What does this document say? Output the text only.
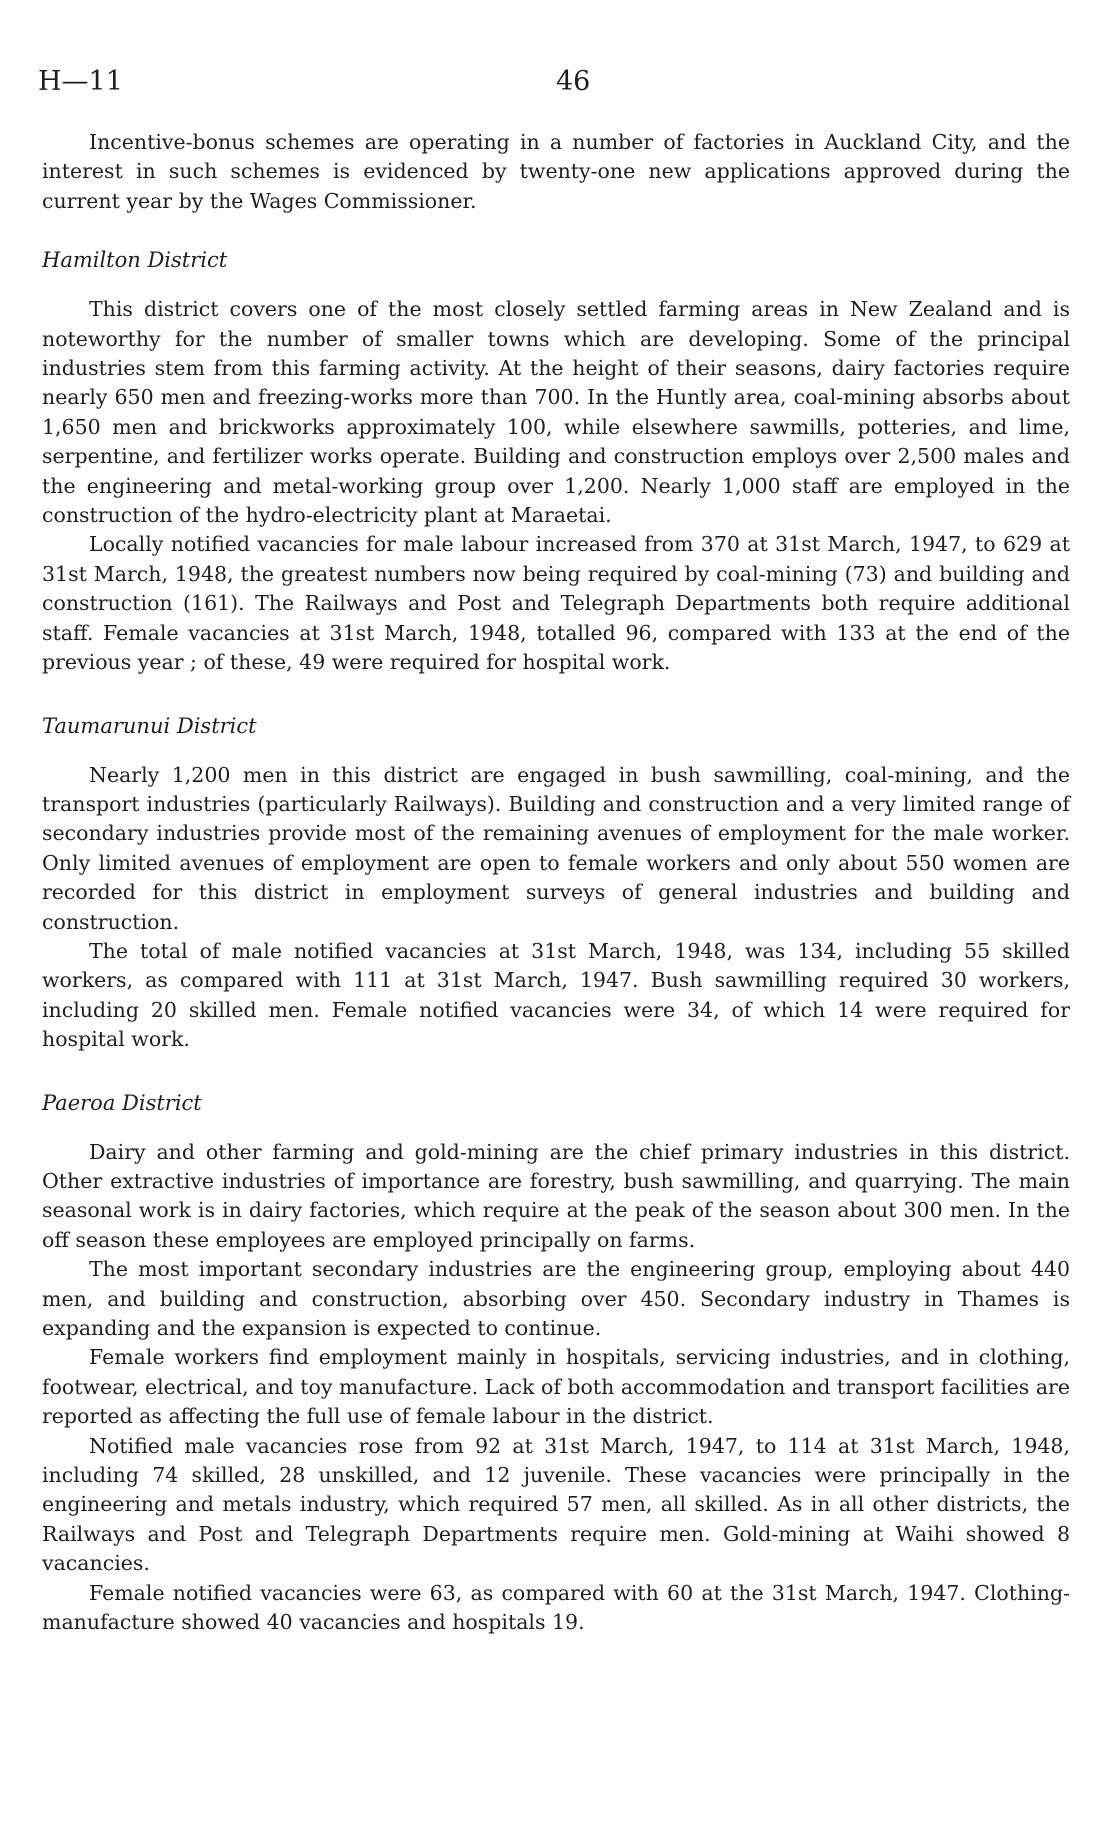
H—11	46

Incentive-bonus schemes are operating in a number of factories in Auckland City, and the interest in such schemes is evidenced by twenty-one new applications approved during the current year by the Wages Commissioner.

Hamilton District

This district covers one of the most closely settled farming areas in New Zealand and is noteworthy for the number of smaller towns which are developing. Some of the principal industries stem from this farming activity. At the height of their seasons, dairy factories require nearly 650 men and freezing-works more than 700. In the Huntly area, coal-mining absorbs about 1,650 men and brickworks approximately 100, while elsewhere sawmills, potteries, and lime, serpentine, and fertilizer works operate. Building and construction employs over 2,500 males and the engineering and metal-working group over 1,200. Nearly 1,000 staff are employed in the construction of the hydro-electricity plant at Maraetai.

Locally notified vacancies for male labour increased from 370 at 31st March, 1947, to 629 at 31st March, 1948, the greatest numbers now being required by coal-mining (73) and building and construction (161). The Railways and Post and Telegraph Departments both require additional staff. Female vacancies at 31st March, 1948, totalled 96, compared with 133 at the end of the previous year ; of these, 49 were required for hospital work.

Taumarunui District

Nearly 1,200 men in this district are engaged in bush sawmilling, coal-mining, and the transport industries (particularly Railways). Building and construction and a very limited range of secondary industries provide most of the remaining avenues of employment for the male worker. Only limited avenues of employment are open to female workers and only about 550 women are recorded for this district in employment surveys of general industries and building and construction.

The total of male notified vacancies at 31st March, 1948, was 134, including 55 skilled workers, as compared with 111 at 31st March, 1947. Bush sawmilling required 30 workers, including 20 skilled men. Female notified vacancies were 34, of which 14 were required for hospital work.

Paeroa District

Dairy and other farming and gold-mining are the chief primary industries in this district. Other extractive industries of importance are forestry, bush sawmilling, and quarrying. The main seasonal work is in dairy factories, which require at the peak of the season about 300 men. In the off season these employees are employed principally on farms.

The most important secondary industries are the engineering group, employing about 440 men, and building and construction, absorbing over 450. Secondary industry in Thames is expanding and the expansion is expected to continue.

Female workers find employment mainly in hospitals, servicing industries, and in clothing, footwear, electrical, and toy manufacture. Lack of both accommodation and transport facilities are reported as affecting the full use of female labour in the district.

Notified male vacancies rose from 92 at 31st March, 1947, to 114 at 31st March, 1948, including 74 skilled, 28 unskilled, and 12 juvenile. These vacancies were principally in the engineering and metals industry, which required 57 men, all skilled. As in all other districts, the Railways and Post and Telegraph Departments require men. Gold-mining at Waihi showed 8 vacancies.

Female notified vacancies were 63, as compared with 60 at the 31st March, 1947. Clothing-manufacture showed 40 vacancies and hospitals 19.
